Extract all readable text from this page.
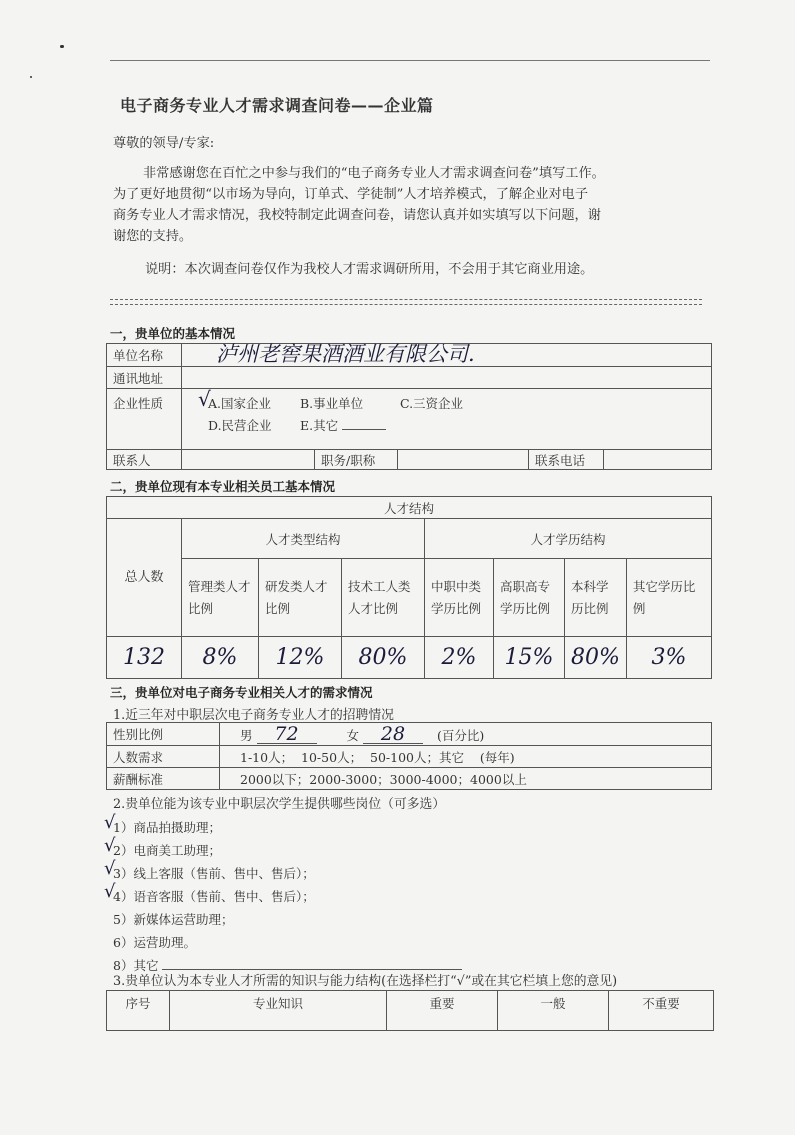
电子商务专业人才需求调查问卷——企业篇
尊敬的领导/专家:
非常感谢您在百忙之中参与我们的“电子商务专业人才需求调查问卷”填写工作。
为了更好地贯彻“以市场为导向，订单式、学徒制”人才培养模式，了解企业对电子
商务专业人才需求情况，我校特制定此调查问卷，请您认真并如实填写以下问题，谢
谢您的支持。
说明：本次调查问卷仅作为我校人才需求调研所用，不会用于其它商业用途。
一，贵单位的基本情况
单位名称	泸州老窖果酒酒业有限公司.				

通讯地址					
企业性质	√
A.国家企业 B.事业单位 C.三资企业
D.民营企业 E.其它				

联系人		职务/职称		联系电话	
二，贵单位现有本专业相关员工基本情况
人才结构							
总人数	人才类型结构			人才学历结构			
	管理类人才比例	研发类人才比例	技术工人类人才比例	中职中类学历比例	高职高专学历比例	本科学历比例	其它学历比例
132	8%	12%	80%	2%	15%	80%	3%
三，贵单位对电子商务专业相关人才的需求情况
1.近三年对中职层次电子商务专业人才的招聘情况
性别比例	男 72 女 28 (百分比)
人数需求	1-10人；  10-50人；  50-100人；其它    (每年)
薪酬标准	2000以下；2000-3000；3000-4000；4000以上
2.贵单位能为该专业中职层次学生提供哪些岗位（可多选）
1）商品拍摄助理；
2）电商美工助理；
3）线上客服（售前、售中、售后）；
4）语音客服（售前、售中、售后）；
5）新媒体运营助理；
6）运营助理。
8）其它
√
√
√
√
3.贵单位认为本专业人才所需的知识与能力结构(在选择栏打“√”或在其它栏填上您的意见)
序号	专业知识	重要	一般	不重要
